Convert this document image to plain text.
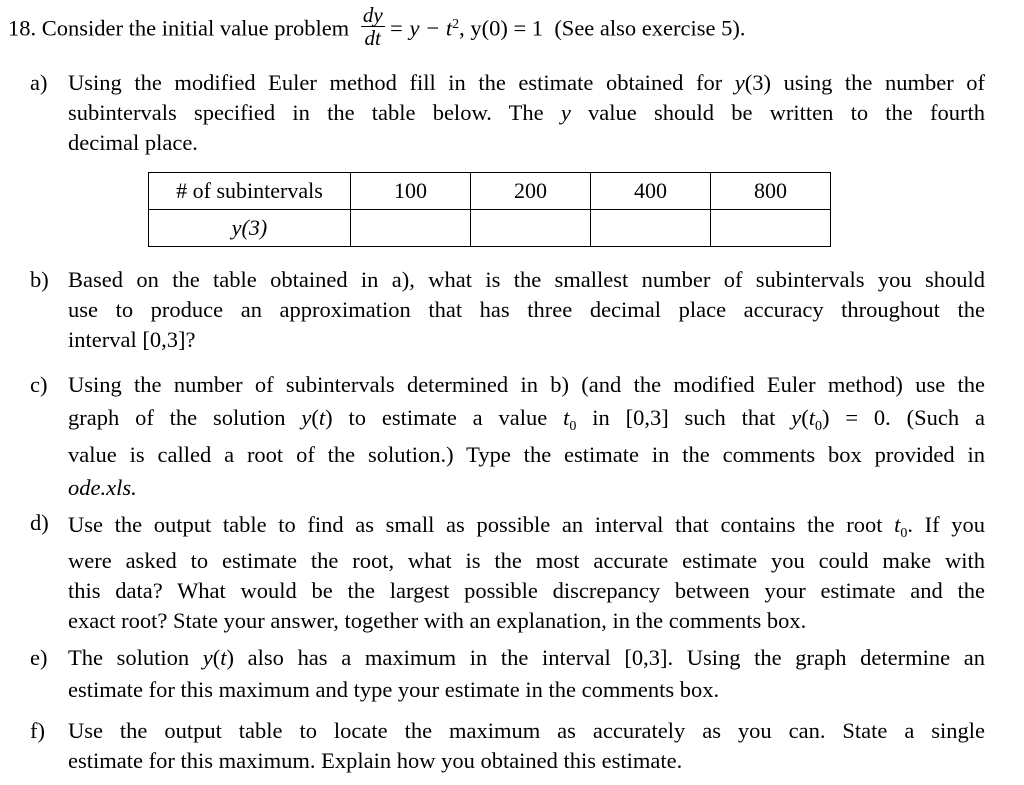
18. Consider the initial value problem $\frac{dy}{dt} = y - t^2$, y(0) = 1 (See also exercise 5).
a) Using the modified Euler method fill in the estimate obtained for y(3) using the number of
subintervals specified in the table below. The y value should be written to the fourth
decimal place.
# of subintervals	100	200	400	800
y(3)				
b) Based on the table obtained in a), what is the smallest number of subintervals you should
use to produce an approximation that has three decimal place accuracy throughout the
interval [0,3]?
c) Using the number of subintervals determined in b) (and the modified Euler method) use the
graph of the solution y(t) to estimate a value $t_0$ in [0,3] such that $y(t_0) = 0$. (Such a
value is called a root of the solution.) Type the estimate in the comments box provided in
ode.xls.
d) Use the output table to find as small as possible an interval that contains the root $t_0$. If you
were asked to estimate the root, what is the most accurate estimate you could make with
this data? What would be the largest possible discrepancy between your estimate and the
exact root? State your answer, together with an explanation, in the comments box.
e) The solution y(t) also has a maximum in the interval [0,3]. Using the graph determine an
estimate for this maximum and type your estimate in the comments box.
f) Use the output table to locate the maximum as accurately as you can. State a single
estimate for this maximum. Explain how you obtained this estimate.
